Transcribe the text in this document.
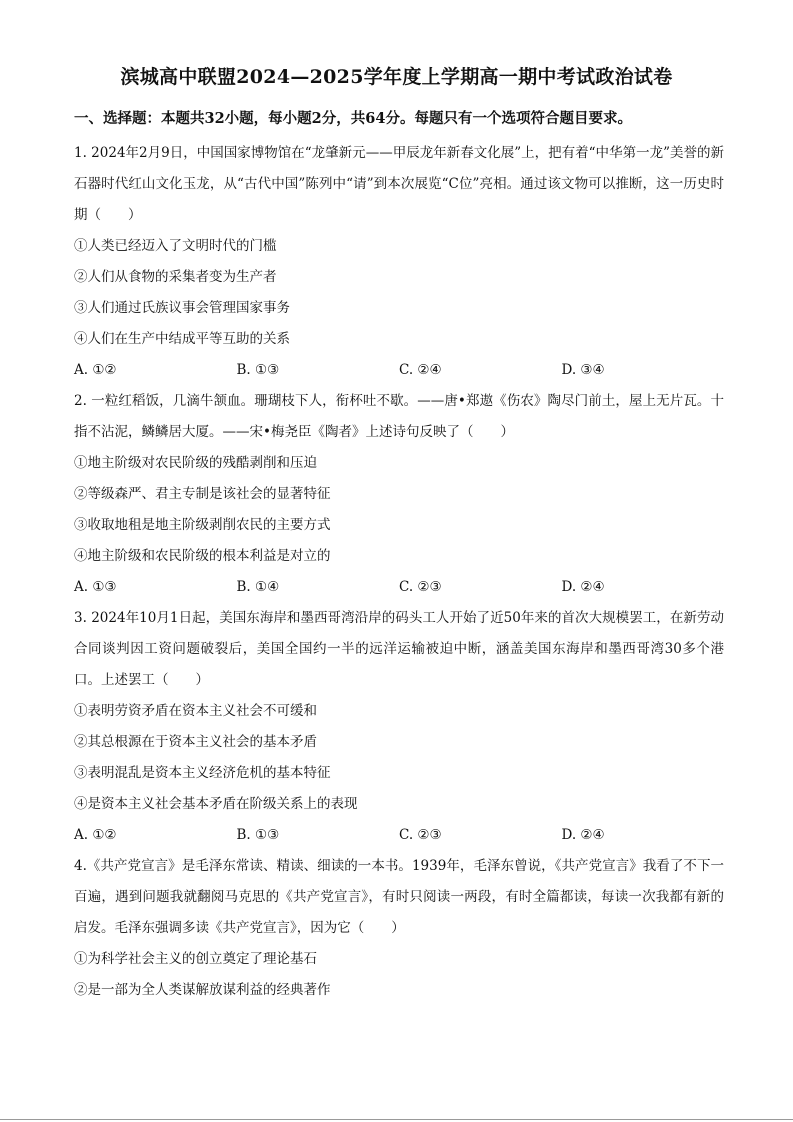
滨城高中联盟2024—2025学年度上学期高一期中考试政治试卷

一、选择题：本题共32小题，每小题2分，共64分。每题只有一个选项符合题目要求。

1. 2024年2月9日，中国国家博物馆在“龙肇新元——甲辰龙年新春文化展”上，把有着“中华第一龙”美誉的新石器时代红山文化玉龙，从“古代中国”陈列中“请”到本次展览“C位”亮相。通过该文物可以推断，这一历史时期（　　）

①人类已经迈入了文明时代的门槛

②人们从食物的采集者变为生产者

③人们通过氏族议事会管理国家事务

④人们在生产中结成平等互助的关系

A. ①②	B. ①③	C. ②④	D. ③④

2. 一粒红稻饭，几滴牛颔血。珊瑚枝下人，衔杯吐不歇。——唐•郑遨《伤农》陶尽门前土，屋上无片瓦。十指不沾泥，鳞鳞居大厦。——宋•梅尧臣《陶者》上述诗句反映了（　　）

①地主阶级对农民阶级的残酷剥削和压迫

②等级森严、君主专制是该社会的显著特征

③收取地租是地主阶级剥削农民的主要方式

④地主阶级和农民阶级的根本利益是对立的

A. ①③	B. ①④	C. ②③	D. ②④

3. 2024年10月1日起，美国东海岸和墨西哥湾沿岸的码头工人开始了近50年来的首次大规模罢工，在新劳动合同谈判因工资问题破裂后，美国全国约一半的远洋运输被迫中断，涵盖美国东海岸和墨西哥湾30多个港口。上述罢工（　　）

①表明劳资矛盾在资本主义社会不可缓和

②其总根源在于资本主义社会的基本矛盾

③表明混乱是资本主义经济危机的基本特征

④是资本主义社会基本矛盾在阶级关系上的表现

A. ①②	B. ①③	C. ②③	D. ②④

4.《共产党宣言》是毛泽东常读、精读、细读的一本书。1939年，毛泽东曾说，《共产党宣言》我看了不下一百遍，遇到问题我就翻阅马克思的《共产党宣言》，有时只阅读一两段，有时全篇都读，每读一次我都有新的启发。毛泽东强调多读《共产党宣言》，因为它（　　）

①为科学社会主义的创立奠定了理论基石

②是一部为全人类谋解放谋利益的经典著作
